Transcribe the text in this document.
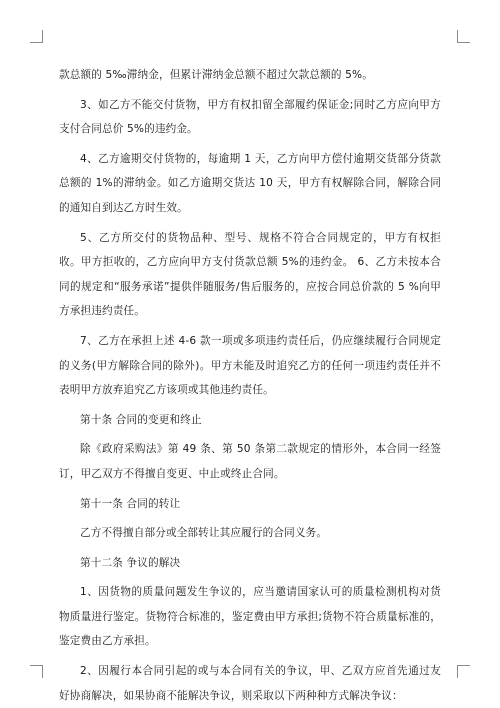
款总额的 5‰滞纳金，但累计滞纳金总额不超过欠款总额的 5%。

3、如乙方不能交付货物，甲方有权扣留全部履约保证金;同时乙方应向甲方支付合同总价 5%的违约金。

4、乙方逾期交付货物的，每逾期 1 天，乙方向甲方偿付逾期交货部分货款总额的 1%的滞纳金。如乙方逾期交货达 10 天，甲方有权解除合同，解除合同的通知自到达乙方时生效。

5、乙方所交付的货物品种、型号、规格不符合合同规定的，甲方有权拒收。甲方拒收的，乙方应向甲方支付货款总额 5%的违约金。 6、乙方未按本合同的规定和“服务承诺”提供伴随服务/售后服务的，应按合同总价款的 5 %向甲方承担违约责任。

7、乙方在承担上述 4-6 款一项或多项违约责任后，仍应继续履行合同规定的义务(甲方解除合同的除外)。甲方未能及时追究乙方的任何一项违约责任并不表明甲方放弃追究乙方该项或其他违约责任。

第十条 合同的变更和终止

除《政府采购法》第 49 条、第 50 条第二款规定的情形外，本合同一经签订，甲乙双方不得擅自变更、中止或终止合同。

第十一条 合同的转让

乙方不得擅自部分或全部转让其应履行的合同义务。

第十二条 争议的解决

1、因货物的质量问题发生争议的，应当邀请国家认可的质量检测机构对货物质量进行鉴定。货物符合标准的，鉴定费由甲方承担;货物不符合质量标准的，鉴定费由乙方承担。

2、因履行本合同引起的或与本合同有关的争议，甲、乙双方应首先通过友好协商解决，如果协商不能解决争议，则采取以下两种种方式解决争议：
